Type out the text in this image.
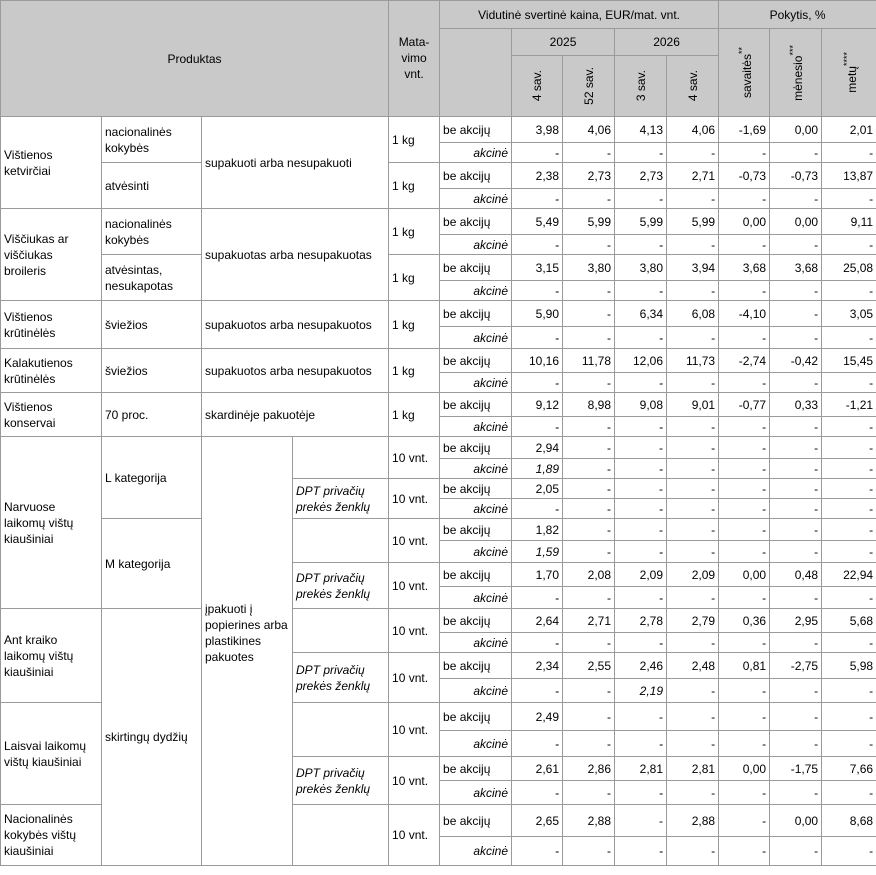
Produktas				Mata-vimo vnt.	Vidutinė svertinė kaina, EUR/mat. vnt.					Pokytis, %		
						2025		2026		savaitės**	mėnesio***	metų****

						4 sav.	52 sav.	3 sav.	4 sav.			

Vištienos ketvirčiai	nacionalinės kokybės	supakuoti arba nesupakuoti		1 kg	be akcijų	3,98	4,06	4,13	4,06	-1,69	0,00	2,01
					akcinė	-	-	-	-	-	-	-
	atvėsinti			1 kg	be akcijų	2,38	2,73	2,73	2,71	-0,73	-0,73	13,87
					akcinė	-	-	-	-	-	-	-
Viščiukas ar viščiukas broileris	nacionalinės kokybės	supakuotas arba nesupakuotas		1 kg	be akcijų	5,49	5,99	5,99	5,99	0,00	0,00	9,11
					akcinė	-	-	-	-	-	-	-
	atvėsintas, nesukapotas			1 kg	be akcijų	3,15	3,80	3,80	3,94	3,68	3,68	25,08
					akcinė	-	-	-	-	-	-	-
Vištienos krūtinėlės	šviežios	supakuotos arba nesupakuotos		1 kg	be akcijų	5,90	-	6,34	6,08	-4,10	-	3,05
					akcinė	-	-	-	-	-	-	-
Kalakutienos krūtinėlės	šviežios	supakuotos arba nesupakuotos		1 kg	be akcijų	10,16	11,78	12,06	11,73	-2,74	-0,42	15,45
					akcinė	-	-	-	-	-	-	-
Vištienos konservai	70 proc.	skardinėje pakuotėje		1 kg	be akcijų	9,12	8,98	9,08	9,01	-0,77	0,33	-1,21
					akcinė	-	-	-	-	-	-	-
Narvuose laikomų vištų kiaušiniai	L kategorija	įpakuoti į popierines arba plastikines pakuotes		10 vnt.	be akcijų	2,94	-	-	-	-	-	-
					akcinė	1,89	-	-	-	-	-	-
			DPT privačių prekės ženklų	10 vnt.	be akcijų	2,05	-	-	-	-	-	-
					akcinė	-	-	-	-	-	-	-
	M kategorija			10 vnt.	be akcijų	1,82	-	-	-	-	-	-
					akcinė	1,59	-	-	-	-	-	-
			DPT privačių prekės ženklų	10 vnt.	be akcijų	1,70	2,08	2,09	2,09	0,00	0,48	22,94
					akcinė	-	-	-	-	-	-	-
Ant kraiko laikomų vištų kiaušiniai	skirtingų dydžių			10 vnt.	be akcijų	2,64	2,71	2,78	2,79	0,36	2,95	5,68
					akcinė	-	-	-	-	-	-	-
			DPT privačių prekės ženklų	10 vnt.	be akcijų	2,34	2,55	2,46	2,48	0,81	-2,75	5,98
					akcinė	-	-	2,19	-	-	-	-
Laisvai laikomų vištų kiaušiniai				10 vnt.	be akcijų	2,49	-	-	-	-	-	-
					akcinė	-	-	-	-	-	-	-
			DPT privačių prekės ženklų	10 vnt.	be akcijų	2,61	2,86	2,81	2,81	0,00	-1,75	7,66
					akcinė	-	-	-	-	-	-	-
Nacionalinės kokybės vištų kiaušiniai				10 vnt.	be akcijų	2,65	2,88	-	2,88	-	0,00	8,68
					akcinė	-	-	-	-	-	-	-
